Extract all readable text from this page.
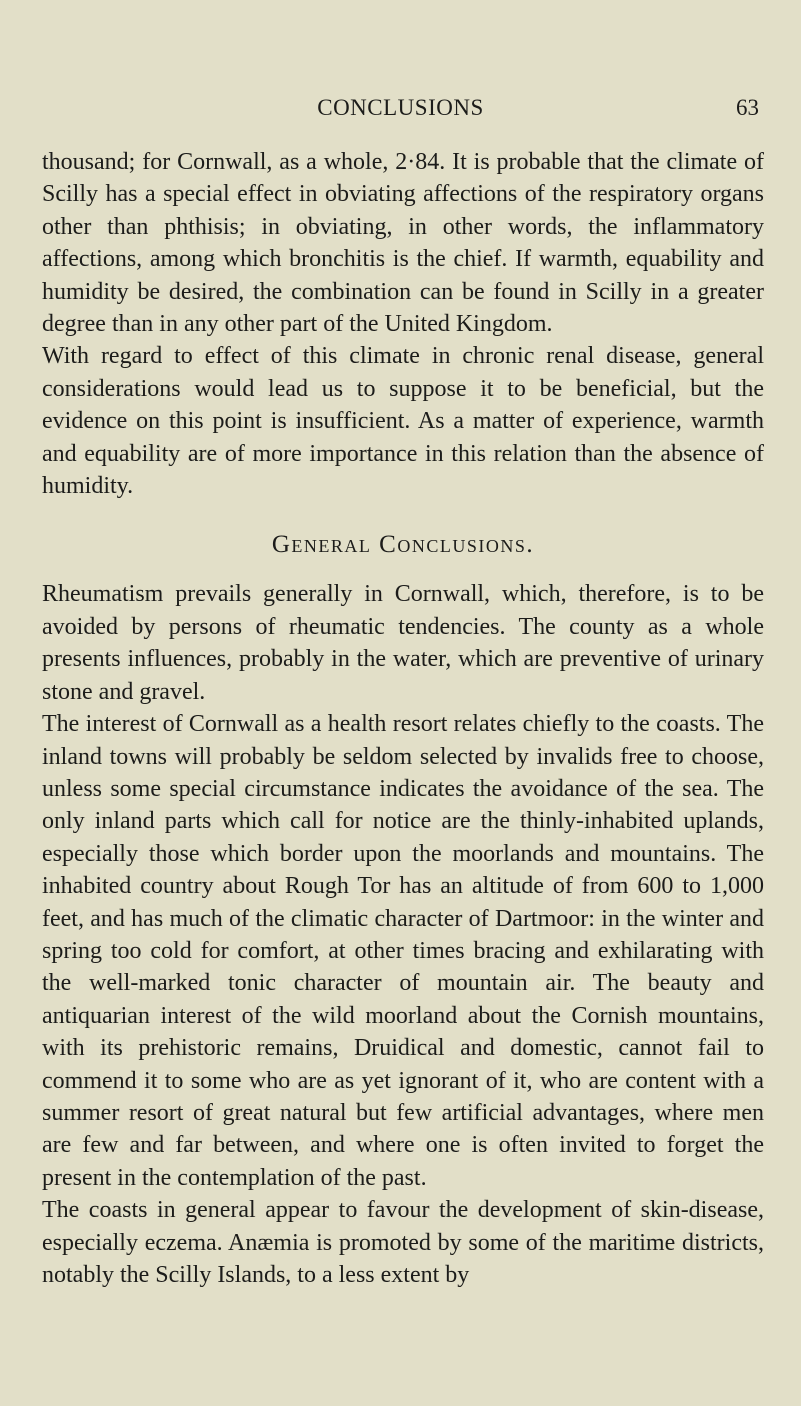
CONCLUSIONS	63

thousand; for Cornwall, as a whole, 2·84. It is probable that the climate of Scilly has a special effect in obviating affections of the respiratory organs other than phthisis; in obviating, in other words, the inflammatory affections, among which bronchitis is the chief. If warmth, equability and humidity be desired, the combination can be found in Scilly in a greater degree than in any other part of the United Kingdom.

With regard to effect of this climate in chronic renal disease, general considerations would lead us to suppose it to be beneficial, but the evidence on this point is insufficient. As a matter of experience, warmth and equability are of more importance in this relation than the absence of humidity.

General Conclusions.

Rheumatism prevails generally in Cornwall, which, therefore, is to be avoided by persons of rheumatic tendencies. The county as a whole presents influences, probably in the water, which are preventive of urinary stone and gravel.

The interest of Cornwall as a health resort relates chiefly to the coasts. The inland towns will probably be seldom selected by invalids free to choose, unless some special circumstance indicates the avoidance of the sea. The only inland parts which call for notice are the thinly-inhabited uplands, especially those which border upon the moorlands and mountains. The inhabited country about Rough Tor has an altitude of from 600 to 1,000 feet, and has much of the climatic character of Dartmoor: in the winter and spring too cold for comfort, at other times bracing and exhilarating with the well-marked tonic character of mountain air. The beauty and antiquarian interest of the wild moorland about the Cornish mountains, with its prehistoric remains, Druidical and domestic, cannot fail to commend it to some who are as yet ignorant of it, who are content with a summer resort of great natural but few artificial advantages, where men are few and far between, and where one is often invited to forget the present in the contemplation of the past.

The coasts in general appear to favour the development of skin-disease, especially eczema. Anæmia is promoted by some of the maritime districts, notably the Scilly Islands, to a less extent by
